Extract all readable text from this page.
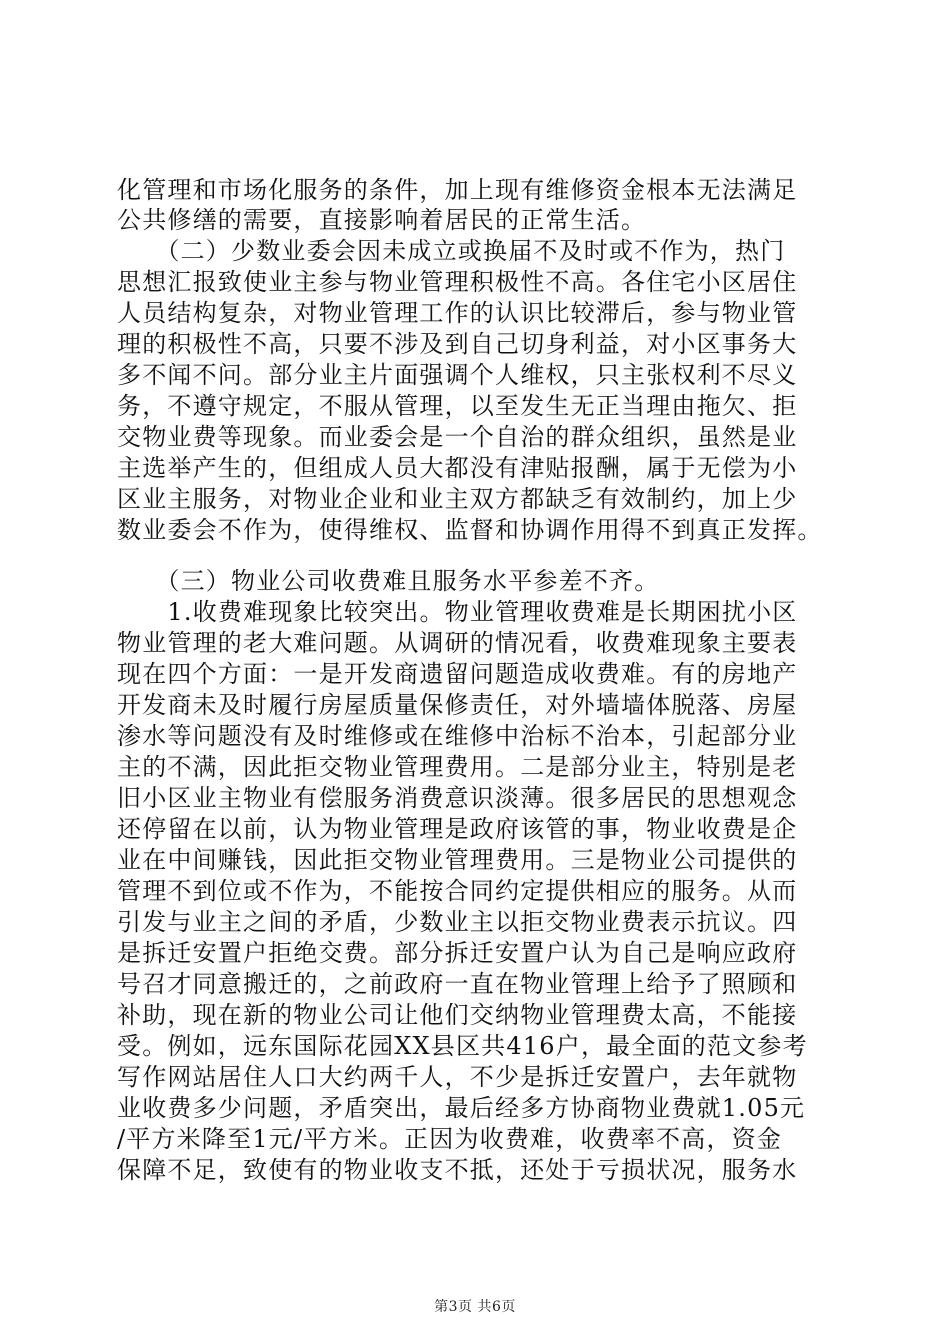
化管理和市场化服务的条件，加上现有维修资金根本无法满足
公共修缮的需要，直接影响着居民的正常生活。
　　（二）少数业委会因未成立或换届不及时或不作为，热门
思想汇报致使业主参与物业管理积极性不高。各住宅小区居住
人员结构复杂，对物业管理工作的认识比较滞后，参与物业管
理的积极性不高，只要不涉及到自己切身利益，对小区事务大
多不闻不问。部分业主片面强调个人维权，只主张权利不尽义
务，不遵守规定，不服从管理，以至发生无正当理由拖欠、拒
交物业费等现象。而业委会是一个自治的群众组织，虽然是业
主选举产生的，但组成人员大都没有津贴报酬，属于无偿为小
区业主服务，对物业企业和业主双方都缺乏有效制约，加上少
数业委会不作为，使得维权、监督和协调作用得不到真正发挥。
　　（三）物业公司收费难且服务水平参差不齐。
　　1.收费难现象比较突出。物业管理收费难是长期困扰小区
物业管理的老大难问题。从调研的情况看，收费难现象主要表
现在四个方面：一是开发商遗留问题造成收费难。有的房地产
开发商未及时履行房屋质量保修责任，对外墙墙体脱落、房屋
渗水等问题没有及时维修或在维修中治标不治本，引起部分业
主的不满，因此拒交物业管理费用。二是部分业主，特别是老
旧小区业主物业有偿服务消费意识淡薄。很多居民的思想观念
还停留在以前，认为物业管理是政府该管的事，物业收费是企
业在中间赚钱，因此拒交物业管理费用。三是物业公司提供的
管理不到位或不作为，不能按合同约定提供相应的服务。从而
引发与业主之间的矛盾，少数业主以拒交物业费表示抗议。四
是拆迁安置户拒绝交费。部分拆迁安置户认为自己是响应政府
号召才同意搬迁的，之前政府一直在物业管理上给予了照顾和
补助，现在新的物业公司让他们交纳物业管理费太高，不能接
受。例如，远东国际花园XX县区共416户，最全面的范文参考
写作网站居住人口大约两千人，不少是拆迁安置户，去年就物
业收费多少问题，矛盾突出，最后经多方协商物业费就1.05元
/平方米降至1元/平方米。正因为收费难，收费率不高，资金
保障不足，致使有的物业收支不抵，还处于亏损状况，服务水
第3页 共6页
